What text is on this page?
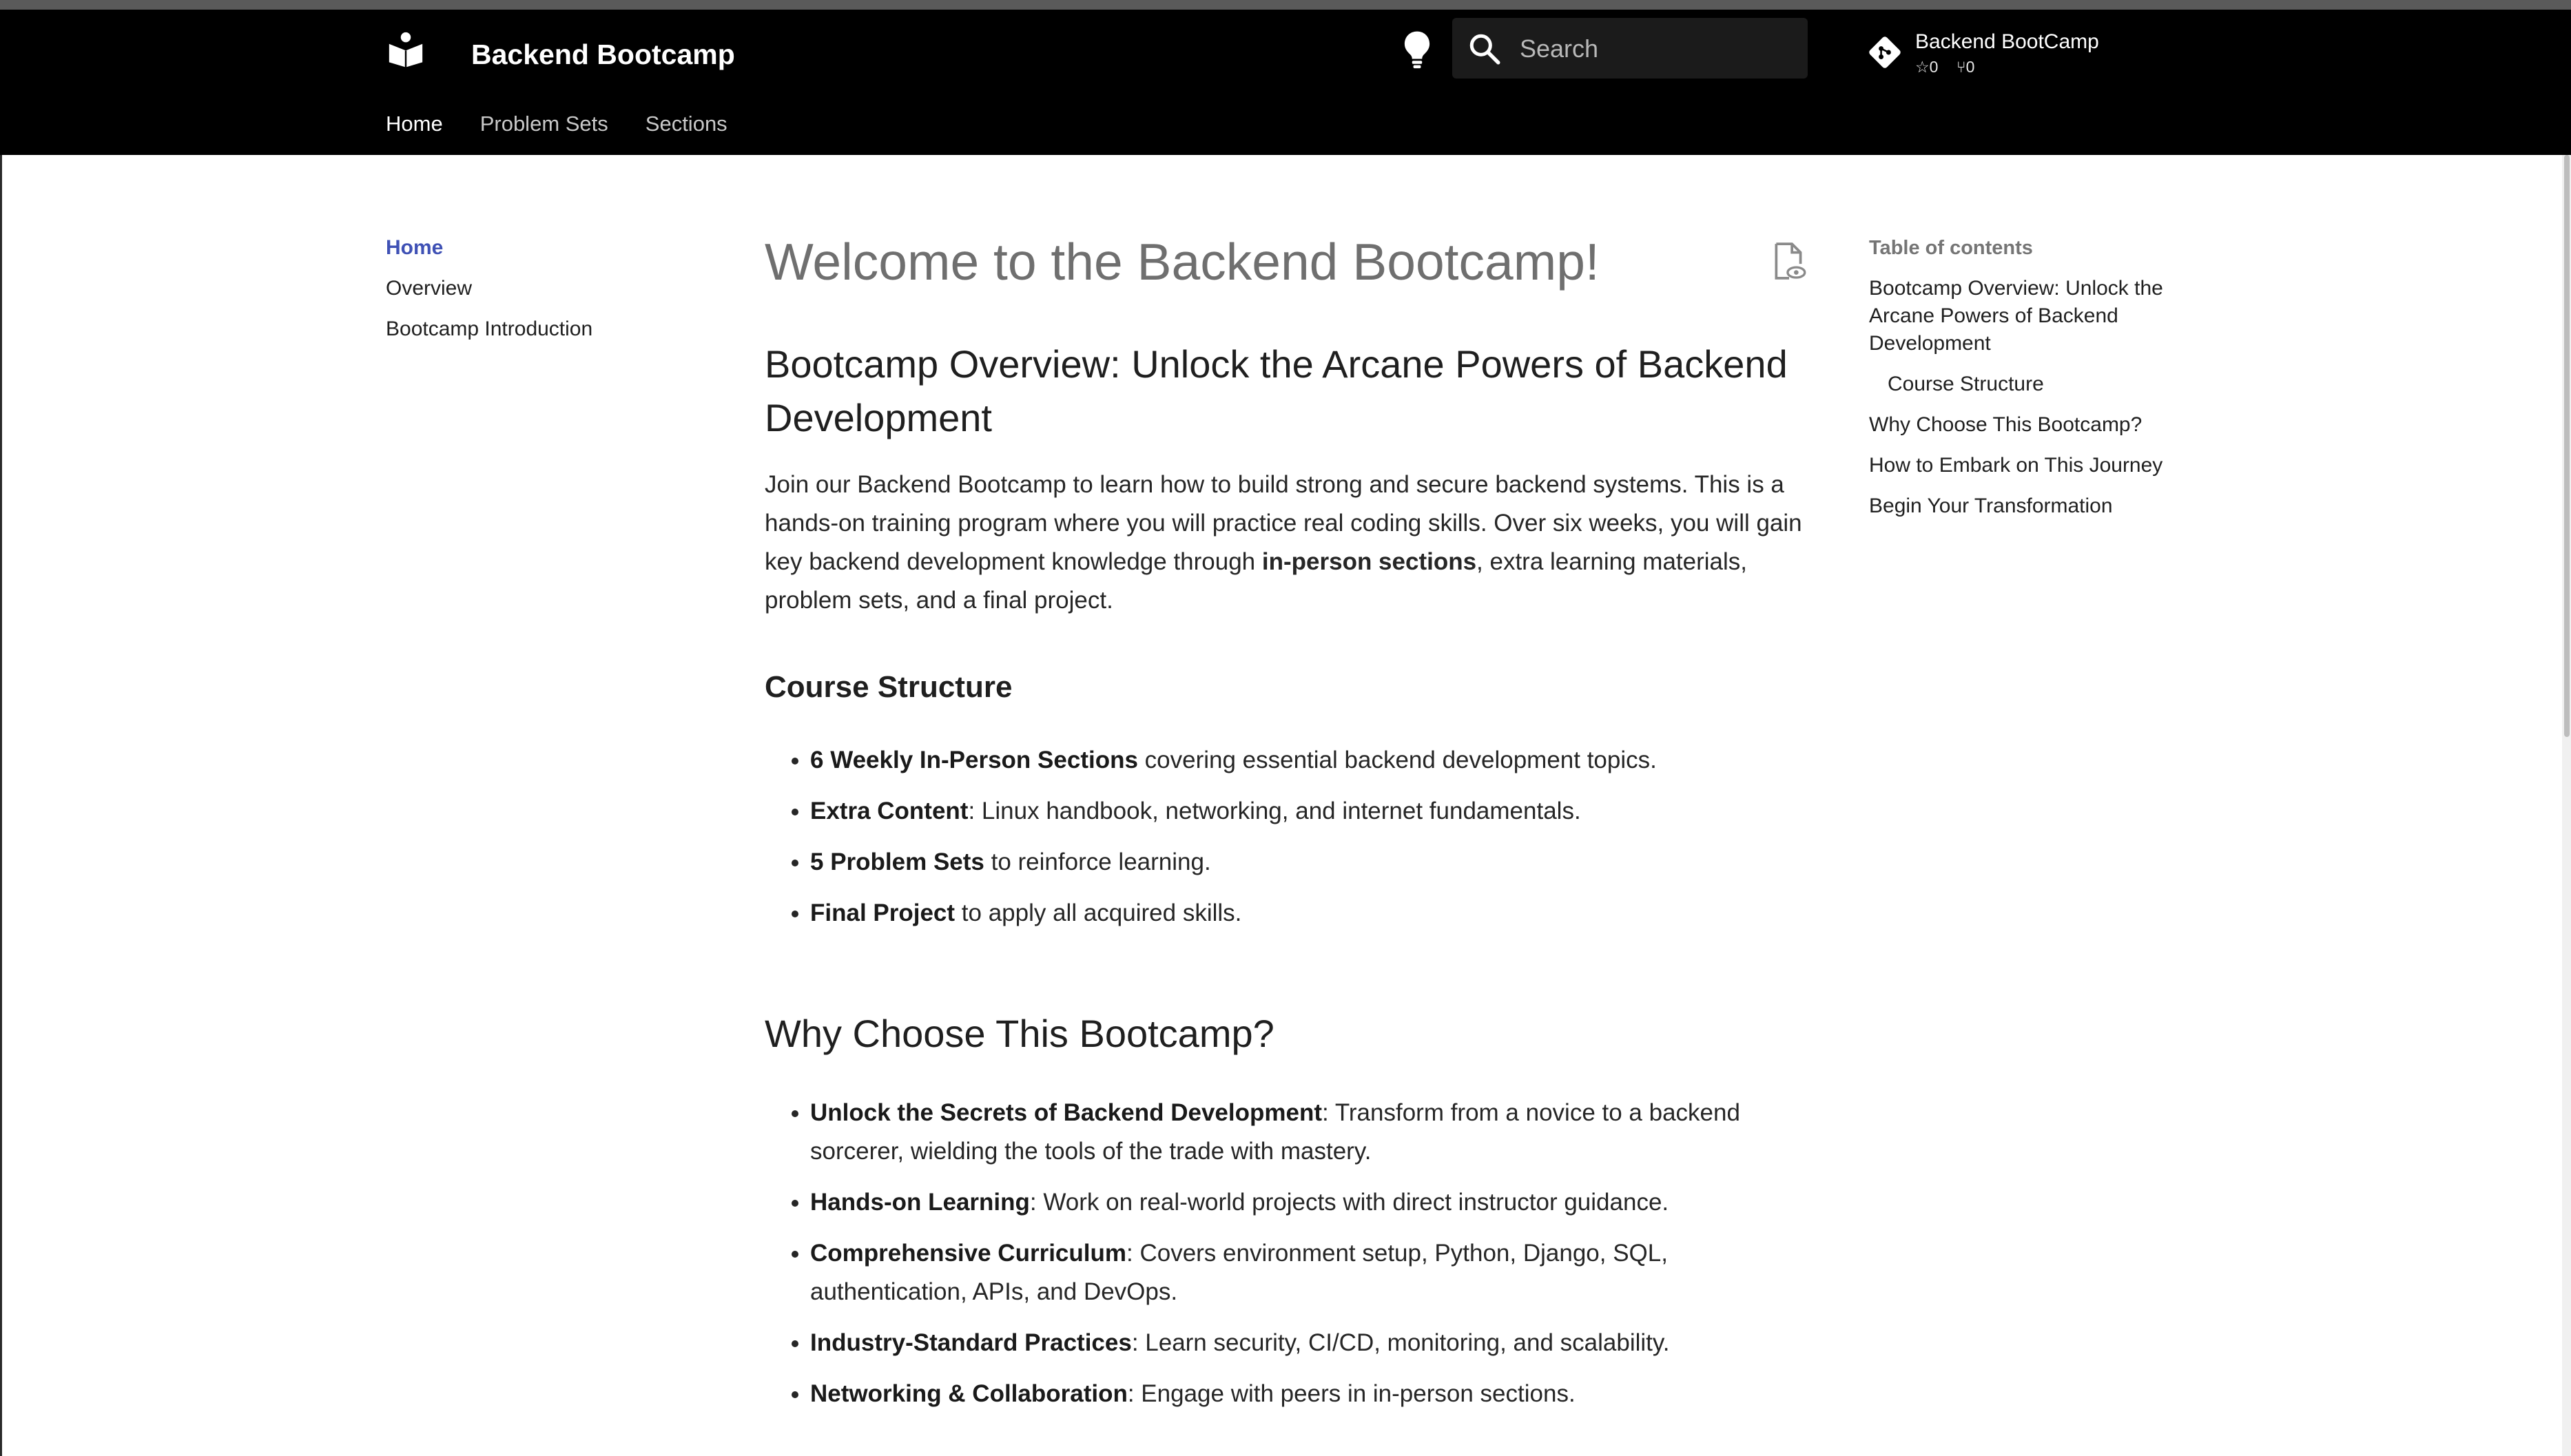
Backend Bootcamp
Search	Backend BootCamp
☆0 ⑂0
Home Problem Sets Sections
Home
Overview
Bootcamp Introduction
Welcome to the Backend Bootcamp!
Bootcamp Overview: Unlock the Arcane Powers of Backend Development

Join our Backend Bootcamp to learn how to build strong and secure backend systems. This is a hands-on training program where you will practice real coding skills. Over six weeks, you will gain key backend development knowledge through in-person sections, extra learning materials, problem sets, and a final project.

Course Structure
• 6 Weekly In-Person Sections covering essential backend development topics.
• Extra Content: Linux handbook, networking, and internet fundamentals.
• 5 Problem Sets to reinforce learning.
• Final Project to apply all acquired skills.
Why Choose This Bootcamp?
• Unlock the Secrets of Backend Development: Transform from a novice to a backend sorcerer, wielding the tools of the trade with mastery.
• Hands-on Learning: Work on real-world projects with direct instructor guidance.
• Comprehensive Curriculum: Covers environment setup, Python, Django, SQL, authentication, APIs, and DevOps.
• Industry-Standard Practices: Learn security, CI/CD, monitoring, and scalability.
• Networking & Collaboration: Engage with peers in in-person sections.
Table of contents
Bootcamp Overview: Unlock the Arcane Powers of Backend Development
Course Structure
Why Choose This Bootcamp?
How to Embark on This Journey
Begin Your Transformation
